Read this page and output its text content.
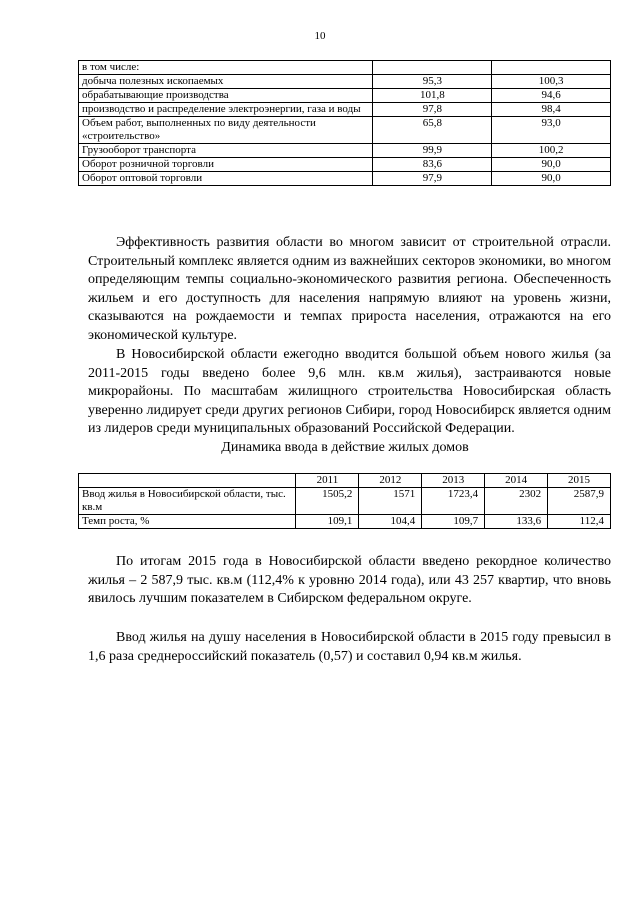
10
в том числе:		
добыча полезных ископаемых	95,3	100,3
обрабатывающие производства	101,8	94,6
производство и распределение электроэнергии, газа и воды	97,8	98,4
Объем работ, выполненных по виду деятельности «строительство»	65,8	93,0
Грузооборот транспорта	99,9	100,2
Оборот розничной торговли	83,6	90,0
Оборот оптовой торговли	97,9	90,0

Эффективность развития области во многом зависит от строительной отрасли. Строительный комплекс является одним из важнейших секторов экономики, во многом определяющим темпы социально-экономического развития региона. Обеспеченность жильем и его доступность для населения напрямую влияют на уровень жизни, сказываются на рождаемости и темпах прироста населения, отражаются на его экономической культуре.

В Новосибирской области ежегодно вводится большой объем нового жилья (за 2011-2015 годы введено более 9,6 млн. кв.м жилья), застраиваются новые микрорайоны. По масштабам жилищного строительства Новосибирская область уверенно лидирует среди других регионов Сибири, город Новосибирск является одним из лидеров среди муниципальных образований Российской Федерации.

Динамика ввода в действие жилых домов

	2011	2012	2013	2014	2015
Ввод жилья в Новосибирской области, тыс. кв.м	1505,2	1571	1723,4	2302	2587,9
Темп роста, %	109,1	104,4	109,7	133,6	112,4

По итогам 2015 года в Новосибирской области введено рекордное количество жилья – 2 587,9 тыс. кв.м (112,4% к уровню 2014 года), или 43 257 квартир, что вновь явилось лучшим показателем в Сибирском федеральном округе.

Ввод жилья на душу населения в Новосибирской области в 2015 году превысил в 1,6 раза среднероссийский показатель (0,57) и составил 0,94 кв.м жилья.
